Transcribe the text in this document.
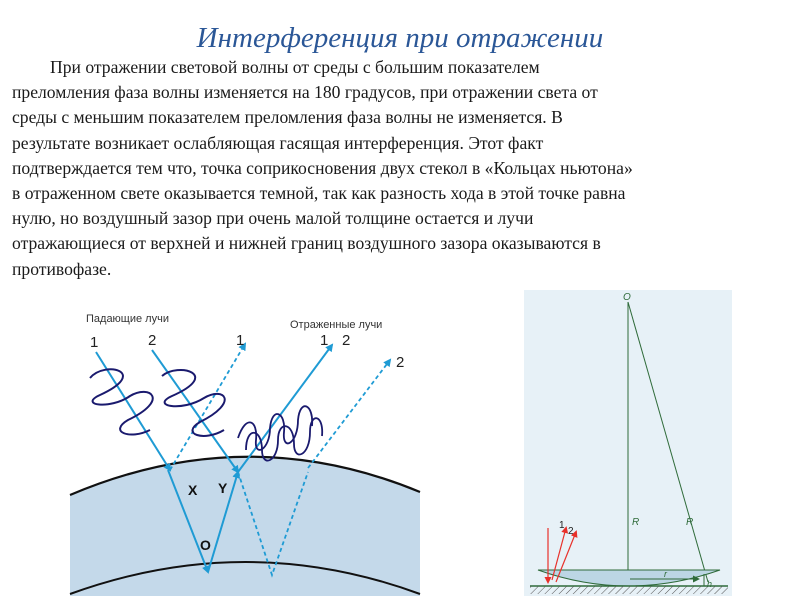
Интерференция при отражении
При отражении световой волны от среды с большим показателем
преломления фаза волны изменяется на 180 градусов, при отражении света от
среды с меньшим показателем преломления фаза волны не изменяется. В
результате возникает ослабляющая гасящая интерференция. Этот факт
подтверждается тем что, точка соприкосновения двух стекол в «Кольцах ньютона»
в отраженном свете оказывается темной, так как разность хода в этой точке равна
нулю, но воздушный зазор при очень малой толщине остается и лучи
отражающиеся от верхней и нижней границ воздушного зазора оказываются в
противофазе.
Падающие лучи	Отраженные лучи
1	2	1	1 2
2
X Y
O
O
R	R
r
h
1
2
